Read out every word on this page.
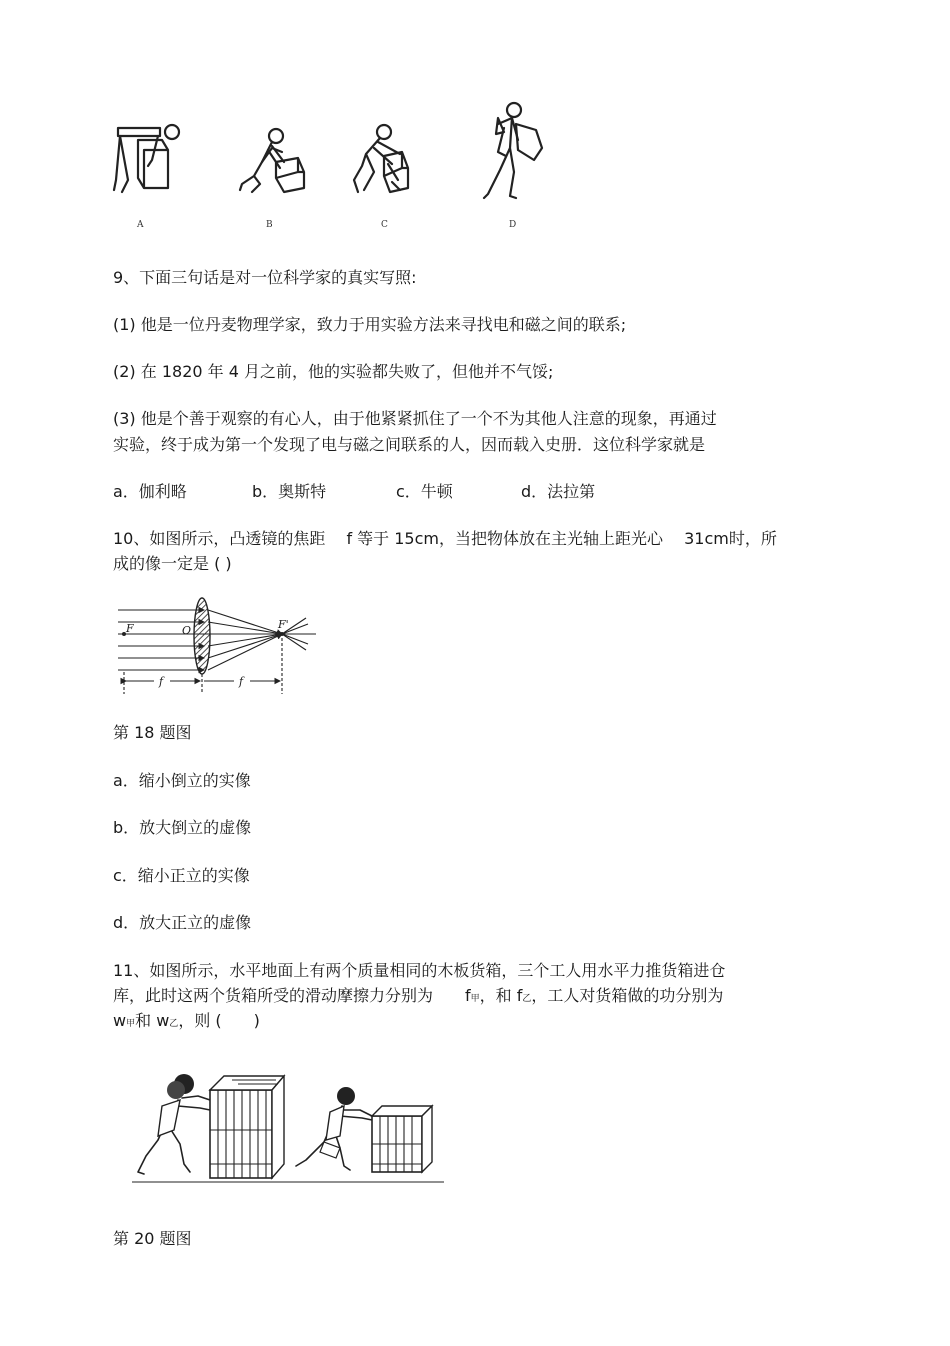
A	B	C	D
9、下面三句话是对一位科学家的真实写照:
(1) 他是一位丹麦物理学家，致力于用实验方法来寻找电和磁之间的联系;
(2) 在 1820 年 4 月之前，他的实验都失败了，但他并不气馁;
(3) 他是个善于观察的有心人，由于他紧紧抓住了一个不为其他人注意的现象，再通过
实验，终于成为第一个发现了电与磁之间联系的人，因而载入史册．这位科学家就是
a．伽利略	b．奥斯特	c．牛顿	d．法拉第
10、如图所示，凸透镜的焦距　 f 等于 15cm，当把物体放在主光轴上距光心　 31cm时，所
成的像一定是 ( )
F	O	F'
f	f
第 18 题图
a．缩小倒立的实像
b．放大倒立的虚像
c．缩小正立的实像
d．放大正立的虚像
11、如图所示，水平地面上有两个质量相同的木板货箱，三个工人用水平力推货箱进仓
库，此时这两个货箱所受的滑动摩擦力分别为　　f甲，和 f乙，工人对货箱做的功分别为
w甲和 w乙，则 (　　)
第 20 题图
